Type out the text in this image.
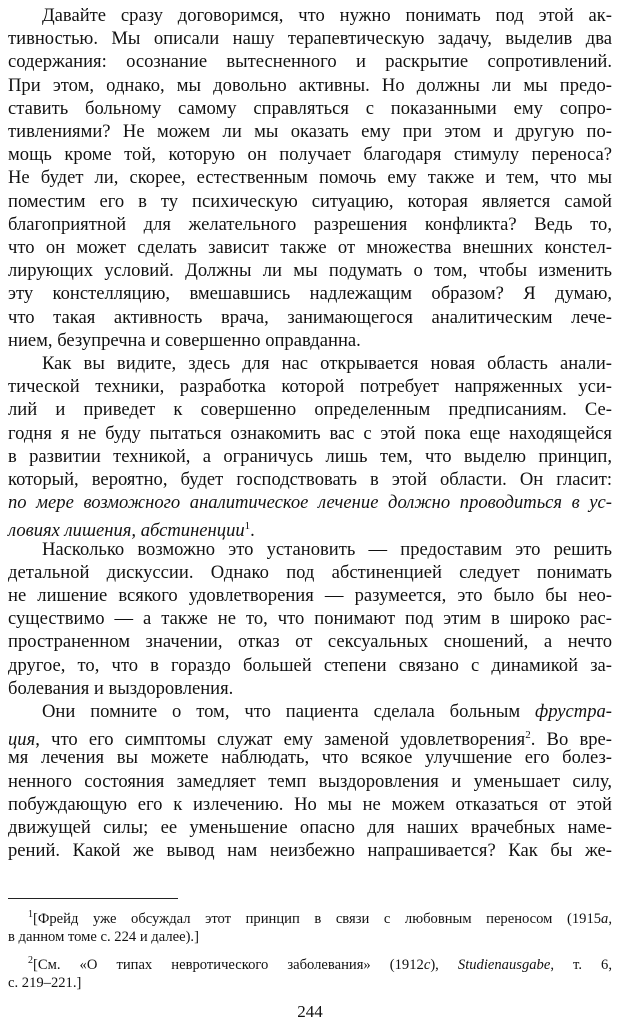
Давайте сразу договоримся, что нужно понимать под этой ак-
тивностью. Мы описали нашу терапевтическую задачу, выделив два
содержания: осознание вытесненного и раскрытие сопротивлений.
При этом, однако, мы довольно активны. Но должны ли мы предо-
ставить больному самому справляться с показанными ему сопро-
тивлениями? Не можем ли мы оказать ему при этом и другую по-
мощь кроме той, которую он получает благодаря стимулу переноса?
Не будет ли, скорее, естественным помочь ему также и тем, что мы
поместим его в ту психическую ситуацию, которая является самой
благоприятной для желательного разрешения конфликта? Ведь то,
что он может сделать зависит также от множества внешних констел-
лирующих условий. Должны ли мы подумать о том, чтобы изменить
эту констелляцию, вмешавшись надлежащим образом? Я думаю,
что такая активность врача, занимающегося аналитическим лече-
нием, безупречна и совершенно оправданна.
Как вы видите, здесь для нас открывается новая область анали-
тической техники, разработка которой потребует напряженных уси-
лий и приведет к совершенно определенным предписаниям. Се-
годня я не буду пытаться ознакомить вас с этой пока еще находящейся
в развитии техникой, а ограничусь лишь тем, что выделю принцип,
который, вероятно, будет господствовать в этой области. Он гласит:
по мере возможного аналитическое лечение должно проводиться в ус-
ловиях лишения, абстиненции$^1$.
Насколько возможно это установить — предоставим это решить
детальной дискуссии. Однако под абстиненцией следует понимать
не лишение всякого удовлетворения — разумеется, это было бы нео-
существимо — а также не то, что понимают под этим в широко рас-
пространенном значении, отказ от сексуальных сношений, а нечто
другое, то, что в гораздо большей степени связано с динамикой за-
болевания и выздоровления.
Они помните о том, что пациента сделала больным фрустра-
ция, что его симптомы служат ему заменой удовлетворения$^2$. Во вре-
мя лечения вы можете наблюдать, что всякое улучшение его болез-
ненного состояния замедляет темп выздоровления и уменьшает силу,
побуждающую его к излечению. Но мы не можем отказаться от этой
движущей силы; ее уменьшение опасно для наших врачебных наме-
рений. Какой же вывод нам неизбежно напрашивается? Как бы же-
$^1$[Фрейд уже обсуждал этот принцип в связи с любовным переносом (1915a,
в данном томе с. 224 и далее).]
$^2$[См. «О типах невротического заболевания» (1912c), Studienausgabe, т. 6,
с. 219–221.]
244
